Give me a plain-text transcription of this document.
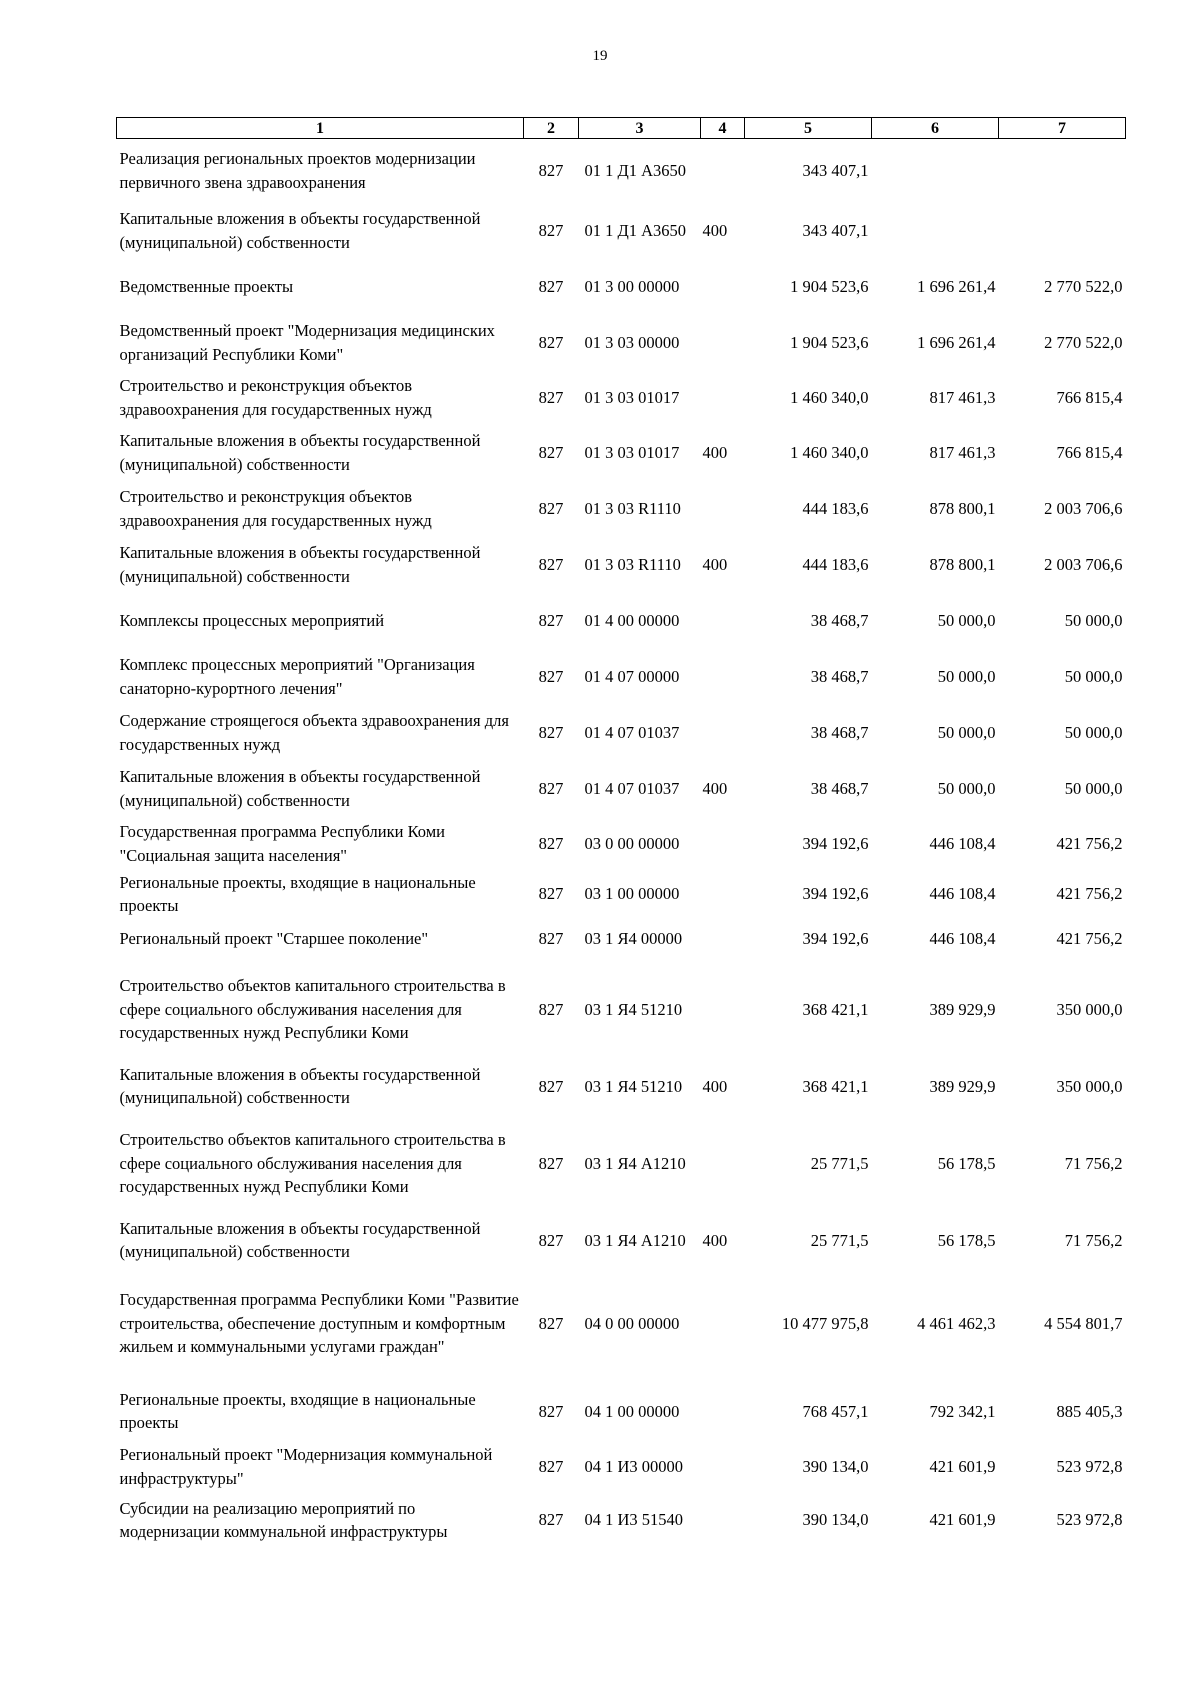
19
1	2	3	4	5	6	7
Реализация региональных проектов модернизации первичного звена здравоохранения	827	01 1 Д1 А3650		343 407,1		
Капитальные вложения в объекты государственной (муниципальной) собственности	827	01 1 Д1 А3650	400	343 407,1		
Ведомственные проекты	827	01 3 00 00000		1 904 523,6	1 696 261,4	2 770 522,0
Ведомственный проект "Модернизация медицинских организаций Республики Коми"	827	01 3 03 00000		1 904 523,6	1 696 261,4	2 770 522,0
Строительство и реконструкция объектов здравоохранения для государственных нужд	827	01 3 03 01017		1 460 340,0	817 461,3	766 815,4
Капитальные вложения в объекты государственной (муниципальной) собственности	827	01 3 03 01017	400	1 460 340,0	817 461,3	766 815,4
Строительство и реконструкция объектов здравоохранения для государственных нужд	827	01 3 03 R1110		444 183,6	878 800,1	2 003 706,6
Капитальные вложения в объекты государственной (муниципальной) собственности	827	01 3 03 R1110	400	444 183,6	878 800,1	2 003 706,6
Комплексы процессных мероприятий	827	01 4 00 00000		38 468,7	50 000,0	50 000,0
Комплекс процессных мероприятий "Организация санаторно-курортного лечения"	827	01 4 07 00000		38 468,7	50 000,0	50 000,0
Содержание строящегося объекта здравоохранения для государственных нужд	827	01 4 07 01037		38 468,7	50 000,0	50 000,0
Капитальные вложения в объекты государственной (муниципальной) собственности	827	01 4 07 01037	400	38 468,7	50 000,0	50 000,0
Государственная программа Республики Коми "Социальная защита населения"	827	03 0 00 00000		394 192,6	446 108,4	421 756,2
Региональные проекты, входящие в национальные проекты	827	03 1 00 00000		394 192,6	446 108,4	421 756,2
Региональный проект "Старшее поколение"	827	03 1 Я4 00000		394 192,6	446 108,4	421 756,2
Строительство объектов капитального строительства в сфере социального обслуживания населения для государственных нужд Республики Коми	827	03 1 Я4 51210		368 421,1	389 929,9	350 000,0
Капитальные вложения в объекты государственной (муниципальной) собственности	827	03 1 Я4 51210	400	368 421,1	389 929,9	350 000,0
Строительство объектов капитального строительства в сфере социального обслуживания населения для государственных нужд Республики Коми	827	03 1 Я4 А1210		25 771,5	56 178,5	71 756,2
Капитальные вложения в объекты государственной (муниципальной) собственности	827	03 1 Я4 А1210	400	25 771,5	56 178,5	71 756,2
Государственная программа Республики Коми "Развитие строительства, обеспечение доступным и комфортным жильем и коммунальными услугами граждан"	827	04 0 00 00000		10 477 975,8	4 461 462,3	4 554 801,7
Региональные проекты, входящие в национальные проекты	827	04 1 00 00000		768 457,1	792 342,1	885 405,3
Региональный проект "Модернизация коммунальной инфраструктуры"	827	04 1 И3 00000		390 134,0	421 601,9	523 972,8
Субсидии на реализацию мероприятий по модернизации коммунальной инфраструктуры	827	04 1 И3 51540		390 134,0	421 601,9	523 972,8
